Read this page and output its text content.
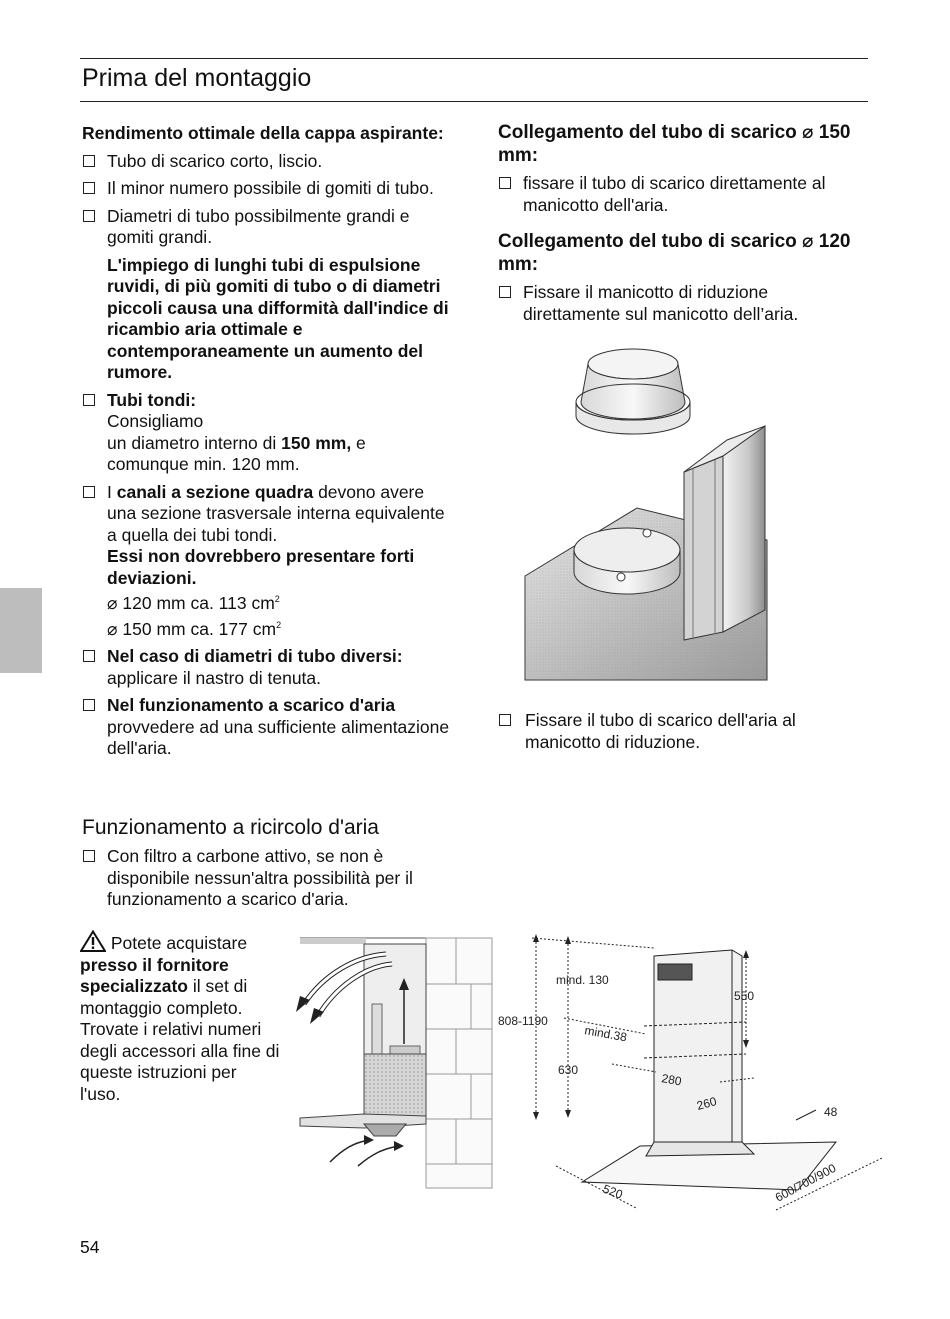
Prima del montaggio
Rendimento ottimale della cappa aspirante:

Tubo di scarico corto, liscio.

Il minor numero possibile di gomiti di tubo.

Diametri di tubo possibilmente grandi e gomiti grandi.

L'impiego di lunghi tubi di espulsione ruvidi, di più gomiti di tubo o di diametri piccoli causa una difformità dall'indice di ricambio aria ottimale e contemporaneamente un aumento del rumore.

Tubi tondi:

Consigliamo

un diametro interno di 150 mm, e

comunque min. 120 mm.

I canali a sezione quadra devono avere una sezione trasversale interna equivalente a quella dei tubi tondi.

Essi non dovrebbero presentare forti deviazioni.

⌀ 120 mm ca. 113 $cm^2$

⌀ 150 mm ca. 177 $cm^2$

Nel caso di diametri di tubo diversi:

applicare il nastro di tenuta.

Nel funzionamento a scarico d'aria

provvedere ad una sufficiente alimentazione dell'aria.

Collegamento del tubo di scarico ⌀ 150 mm:

fissare il tubo di scarico direttamente al manicotto dell'aria.

Collegamento del tubo di scarico ⌀ 120 mm:

Fissare il manicotto di riduzione direttamente sul manicotto dell’aria.

Fissare il tubo di scarico dell'aria al manicotto di riduzione.

Funzionamento a ricircolo d'aria

Con filtro a carbone attivo, se non è disponibile nessun'altra possibilità per il funzionamento a scarico d'aria.

Potete acquistare presso il fornitore specializzato il set di montaggio completo. Trovate i relativi numeri degli accessori alla fine di queste istruzioni per l'uso.
mind. 130
808-1190
mind.38
550
630
280
260	48
520	600/700/900
54
